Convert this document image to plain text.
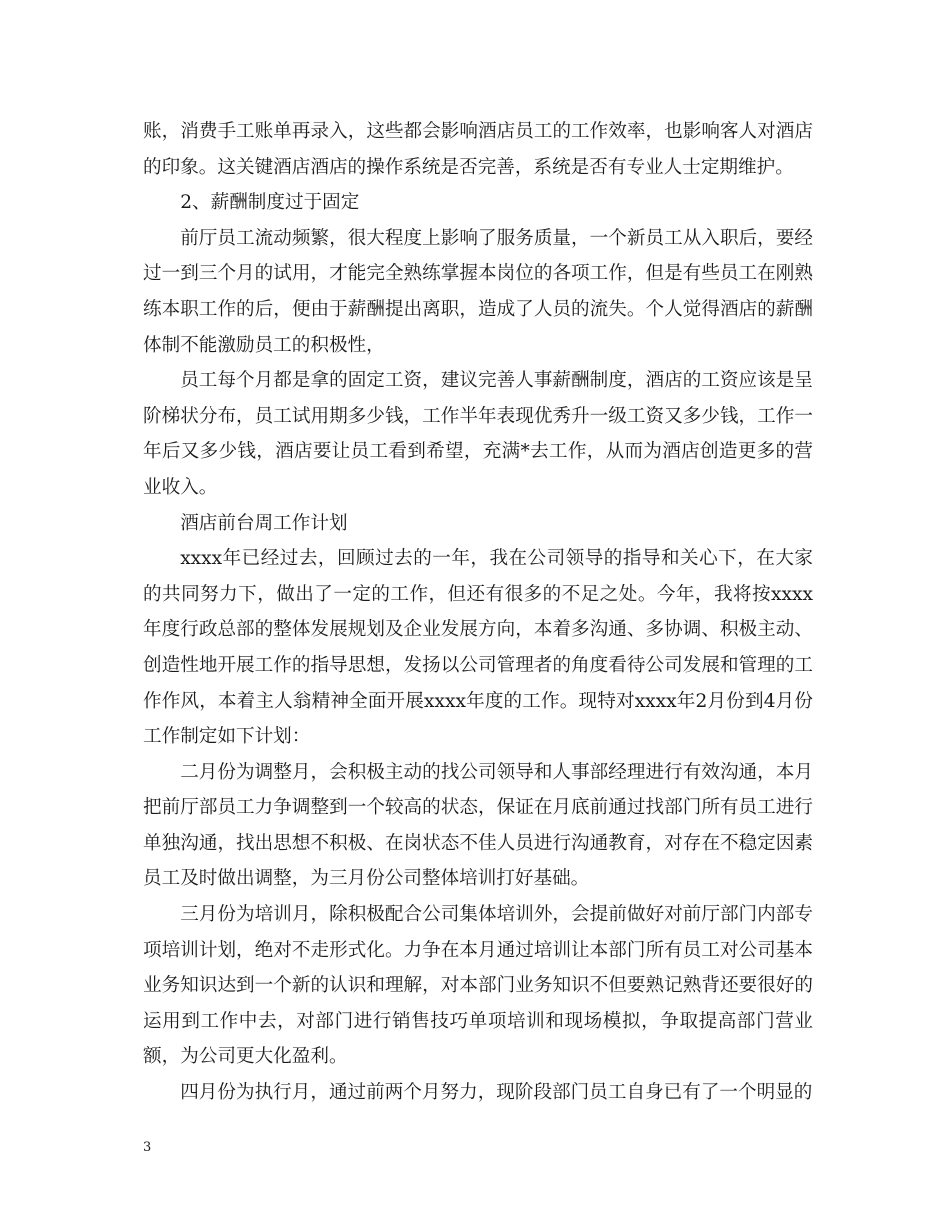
账，消费手工账单再录入，这些都会影响酒店员工的工作效率，也影响客人对酒店的印象。这关键酒店酒店的操作系统是否完善，系统是否有专业人士定期维护。

2、薪酬制度过于固定

前厅员工流动频繁，很大程度上影响了服务质量，一个新员工从入职后，要经过一到三个月的试用，才能完全熟练掌握本岗位的各项工作，但是有些员工在刚熟练本职工作的后，便由于薪酬提出离职，造成了人员的流失。个人觉得酒店的薪酬体制不能激励员工的积极性，

员工每个月都是拿的固定工资，建议完善人事薪酬制度，酒店的工资应该是呈阶梯状分布，员工试用期多少钱，工作半年表现优秀升一级工资又多少钱，工作一年后又多少钱，酒店要让员工看到希望，充满*去工作，从而为酒店创造更多的营业收入。

酒店前台周工作计划

xxxx年已经过去，回顾过去的一年，我在公司领导的指导和关心下，在大家的共同努力下，做出了一定的工作，但还有很多的不足之处。今年，我将按xxxx年度行政总部的整体发展规划及企业发展方向，本着多沟通、多协调、积极主动、创造性地开展工作的指导思想，发扬以公司管理者的角度看待公司发展和管理的工作作风，本着主人翁精神全面开展xxxx年度的工作。现特对xxxx年2月份到4月份工作制定如下计划：

二月份为调整月，会积极主动的找公司领导和人事部经理进行有效沟通，本月把前厅部员工力争调整到一个较高的状态，保证在月底前通过找部门所有员工进行单独沟通，找出思想不积极、在岗状态不佳人员进行沟通教育，对存在不稳定因素员工及时做出调整，为三月份公司整体培训打好基础。

三月份为培训月，除积极配合公司集体培训外，会提前做好对前厅部门内部专项培训计划，绝对不走形式化。力争在本月通过培训让本部门所有员工对公司基本业务知识达到一个新的认识和理解，对本部门业务知识不但要熟记熟背还要很好的运用到工作中去，对部门进行销售技巧单项培训和现场模拟，争取提高部门营业额，为公司更大化盈利。

四月份为执行月，通过前两个月努力，现阶段部门员工自身已有了一个明显的

3
